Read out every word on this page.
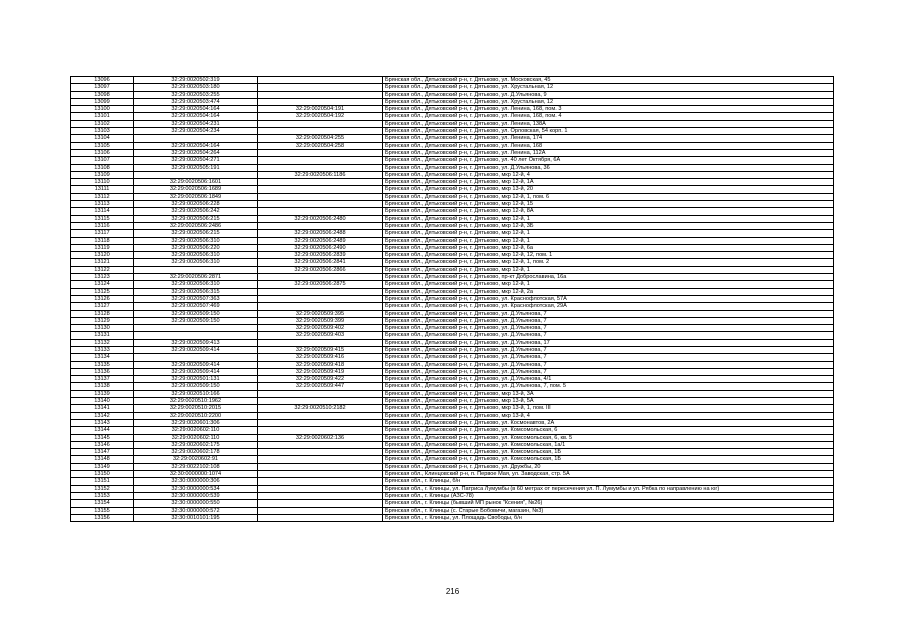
13096	32:29:0020502:319		Брянская обл., Дятьковский р-н, г. Дятьково, ул. Московская, 45
13097	32:29:0020503:180		Брянская обл., Дятьковский р-н, г. Дятьково, ул. Хрустальная, 12
13098	32:29:0020503:255		Брянская обл., Дятьковский р-н, г. Дятьково, ул. Д.Ульянова, 9
13099	32:29:0020503:474		Брянская обл., Дятьковский р-н, г. Дятьково, ул. Хрустальная, 12
13100	32:29:0020504:164	32:29:0020504:191	Брянская обл., Дятьковский р-н, г. Дятьково, ул. Ленина, 168, пом. 3
13101	32:29:0020504:164	32:29:0020504:192	Брянская обл., Дятьковский р-н, г. Дятьково, ул. Ленина, 168, пом. 4
13102	32:29:0020504:231		Брянская обл., Дятьковский р-н, г. Дятьково, ул. Ленина, 138А
13103	32:29:0020504:234		Брянская обл., Дятьковский р-н, г. Дятьково, ул. Орловская, 54 корп. 1
13104		32:29:0020504:255	Брянская обл., Дятьковский р-н, г. Дятьково, ул. Ленина, 174
13105	32:29:0020504:164	32:29:0020504:258	Брянская обл., Дятьковский р-н, г. Дятьково, ул. Ленина, 168
13106	32:29:0020504:264		Брянская обл., Дятьковский р-н, г. Дятьково, ул. Ленина, 112А
13107	32:29:0020504:271		Брянская обл., Дятьковский р-н, г. Дятьково, ул. 40 лет Октября, 6А
13108	32:29:0020505:191		Брянская обл., Дятьковский р-н, г. Дятьково, ул. Д.Ульянова, 36
13109		32:29:0020506:1186	Брянская обл., Дятьковский р-н, г. Дятьково, мкр 12-й, 4
13110	32:29:0020506:1601		Брянская обл., Дятьковский р-н, г. Дятьково, мкр 12-й, 1А
13111	32:29:0020506:1689		Брянская обл., Дятьковский р-н, г. Дятьково, мкр 13-й, 20
13112	32:29:0020506:1849		Брянская обл., Дятьковский р-н, г. Дятьково, мкр 12-й, 1, пом. 6
13113	32:29:0020506:228		Брянская обл., Дятьковский р-н, г. Дятьково, мкр 12-й, 15
13114	32:29:0020506:242		Брянская обл., Дятьковский р-н, г. Дятьково, мкр 12-й, 8А
13115	32:29:0020506:215	32:29:0020506:2480	Брянская обл., Дятьковский р-н, г. Дятьково, мкр 12-й, 1
13116	32:29:0020506:2486		Брянская обл., Дятьковский р-н, г. Дятьково, мкр 12-й, 3Б
13117	32:29:0020506:215	32:29:0020506:2488	Брянская обл., Дятьковский р-н, г. Дятьково, мкр 12-й, 1
13118	32:29:0020506:310	32:29:0020506:2489	Брянская обл., Дятьковский р-н, г. Дятьково, мкр 12-й, 1
13119	32:29:0020506:220	32:29:0020506:2490	Брянская обл., Дятьковский р-н, г. Дятьково, мкр 12-й, 6а
13120	32:29:0020506:310	32:29:0020506:2839	Брянская обл., Дятьковский р-н, г. Дятьково, мкр 12-й, 12, пом. 1
13121	32:29:0020506:310	32:29:0020506:2841	Брянская обл., Дятьковский р-н, г. Дятьково, мкр 12-й, 1, пом. 2
13122		32:29:0020506:2866	Брянская обл., Дятьковский р-н, г. Дятьково, мкр 12-й, 1
13123	32:29:0020506:2871		Брянская обл., Дятьковский р-н, г. Дятьково, пр-кт Доброславина, 16а
13124	32:29:0020506:310	32:29:0020506:2875	Брянская обл., Дятьковский р-н, г. Дятьково, мкр 12-й, 1
13125	32:29:0020506:315		Брянская обл., Дятьковский р-н, г. Дятьково, мкр 12-й, 2а
13126	32:29:0020507:363		Брянская обл., Дятьковский р-н, г. Дятьково, ул. Краснофлотская, 57А
13127	32:29:0020507:469		Брянская обл., Дятьковский р-н, г. Дятьково, ул. Краснофлотская, 29А
13128	32:29:0020509:150	32:29:0020509:395	Брянская обл., Дятьковский р-н, г. Дятьково, ул. Д.Ульянова, 7
13129	32:29:0020509:150	32:29:0020509:399	Брянская обл., Дятьковский р-н, г. Дятьково, ул. Д.Ульянова, 7
13130		32:29:0020509:402	Брянская обл., Дятьковский р-н, г. Дятьково, ул. Д.Ульянова, 7
13131		32:29:0020509:403	Брянская обл., Дятьковский р-н, г. Дятьково, ул. Д.Ульянова, 7
13132	32:29:0020509:413		Брянская обл., Дятьковский р-н, г. Дятьково, ул. Д.Ульянова, 17
13133	32:29:0020509:414	32:29:0020509:415	Брянская обл., Дятьковский р-н, г. Дятьково, ул. Д.Ульянова, 7
13134		32:29:0020509:416	Брянская обл., Дятьковский р-н, г. Дятьково, ул. Д.Ульянова, 7
13135	32:29:0020509:414	32:29:0020509:418	Брянская обл., Дятьковский р-н, г. Дятьково, ул. Д.Ульянова, 7
13136	32:29:0020509:414	32:29:0020509:419	Брянская обл., Дятьковский р-н, г. Дятьково, ул. Д.Ульянова, 7
13137	32:29:0020501:131	32:29:0020509:422	Брянская обл., Дятьковский р-н, г. Дятьково, ул. Д.Ульянова, 4/1
13138	32:29:0020509:150	32:29:0020509:447	Брянская обл., Дятьковский р-н, г. Дятьково, ул. Д.Ульянова, 7, пом. 5
13139	32:29:0020510:166		Брянская обл., Дятьковский р-н, г. Дятьково, мкр 13-й, 3А
13140	32:29:0020510:1962		Брянская обл., Дятьковский р-н, г. Дятьково, мкр 13-й, 5А
13141	32:29:0020510:2015	32:29:0020510:2182	Брянская обл., Дятьковский р-н, г. Дятьково, мкр 13-й, 1, пом. III
13142	32:29:0020510:2200		Брянская обл., Дятьковский р-н, г. Дятьково, мкр 13-й, 4
13143	32:29:0020601:306		Брянская обл., Дятьковский р-н, г. Дятьково, ул. Космонавтов, 2А
13144	32:29:0020602:110		Брянская обл., Дятьковский р-н, г. Дятьково, ул. Комсомольская, 6
13145	32:29:0020602:110	32:29:0020602:136	Брянская обл., Дятьковский р-н, г. Дятьково, ул. Комсомольская, 6, кв. 5
13146	32:29:0020602:175		Брянская обл., Дятьковский р-н, г. Дятьково, ул. Комсомольская, 1а/1
13147	32:29:0020602:178		Брянская обл., Дятьковский р-н, г. Дятьково, ул. Комсомольская, 1Б
13148	32:29:0020602:91		Брянская обл., Дятьковский р-н, г. Дятьково, ул. Комсомольская, 1Б
13149	32:29:0022102:108		Брянская обл., Дятьковский р-н, г. Дятьково, ул. Дружбы, 20
13150	32:30:0000000:1074		Брянская обл., Клинцовский р-н, п. Первое Мая, ул. Заводская, стр. 5А
13151	32:30:0000000:306		Брянская обл., г. Клинцы, б/н
13152	32:30:0000000:534		Брянская обл., г. Клинцы, ул. Патриса Лумумбы (в 60 метрах от пересечения ул. П. Лумумбы и ул. Рябка по направлению на юг)
13153	32:30:0000000:539		Брянская обл., г. Клинцы (АЗС-78)
13154	32:30:0000000:550		Брянская обл., г. Клинцы (бывший МП рынок "Ксения", №26)
13155	32:30:0000000:572		Брянская обл., г. Клинцы (с. Старые Бобовичи, магазин, №3)
13156	32:30:0010101:195		Брянская обл., г. Клинцы, ул. Площадь Свободы, б/н
216
